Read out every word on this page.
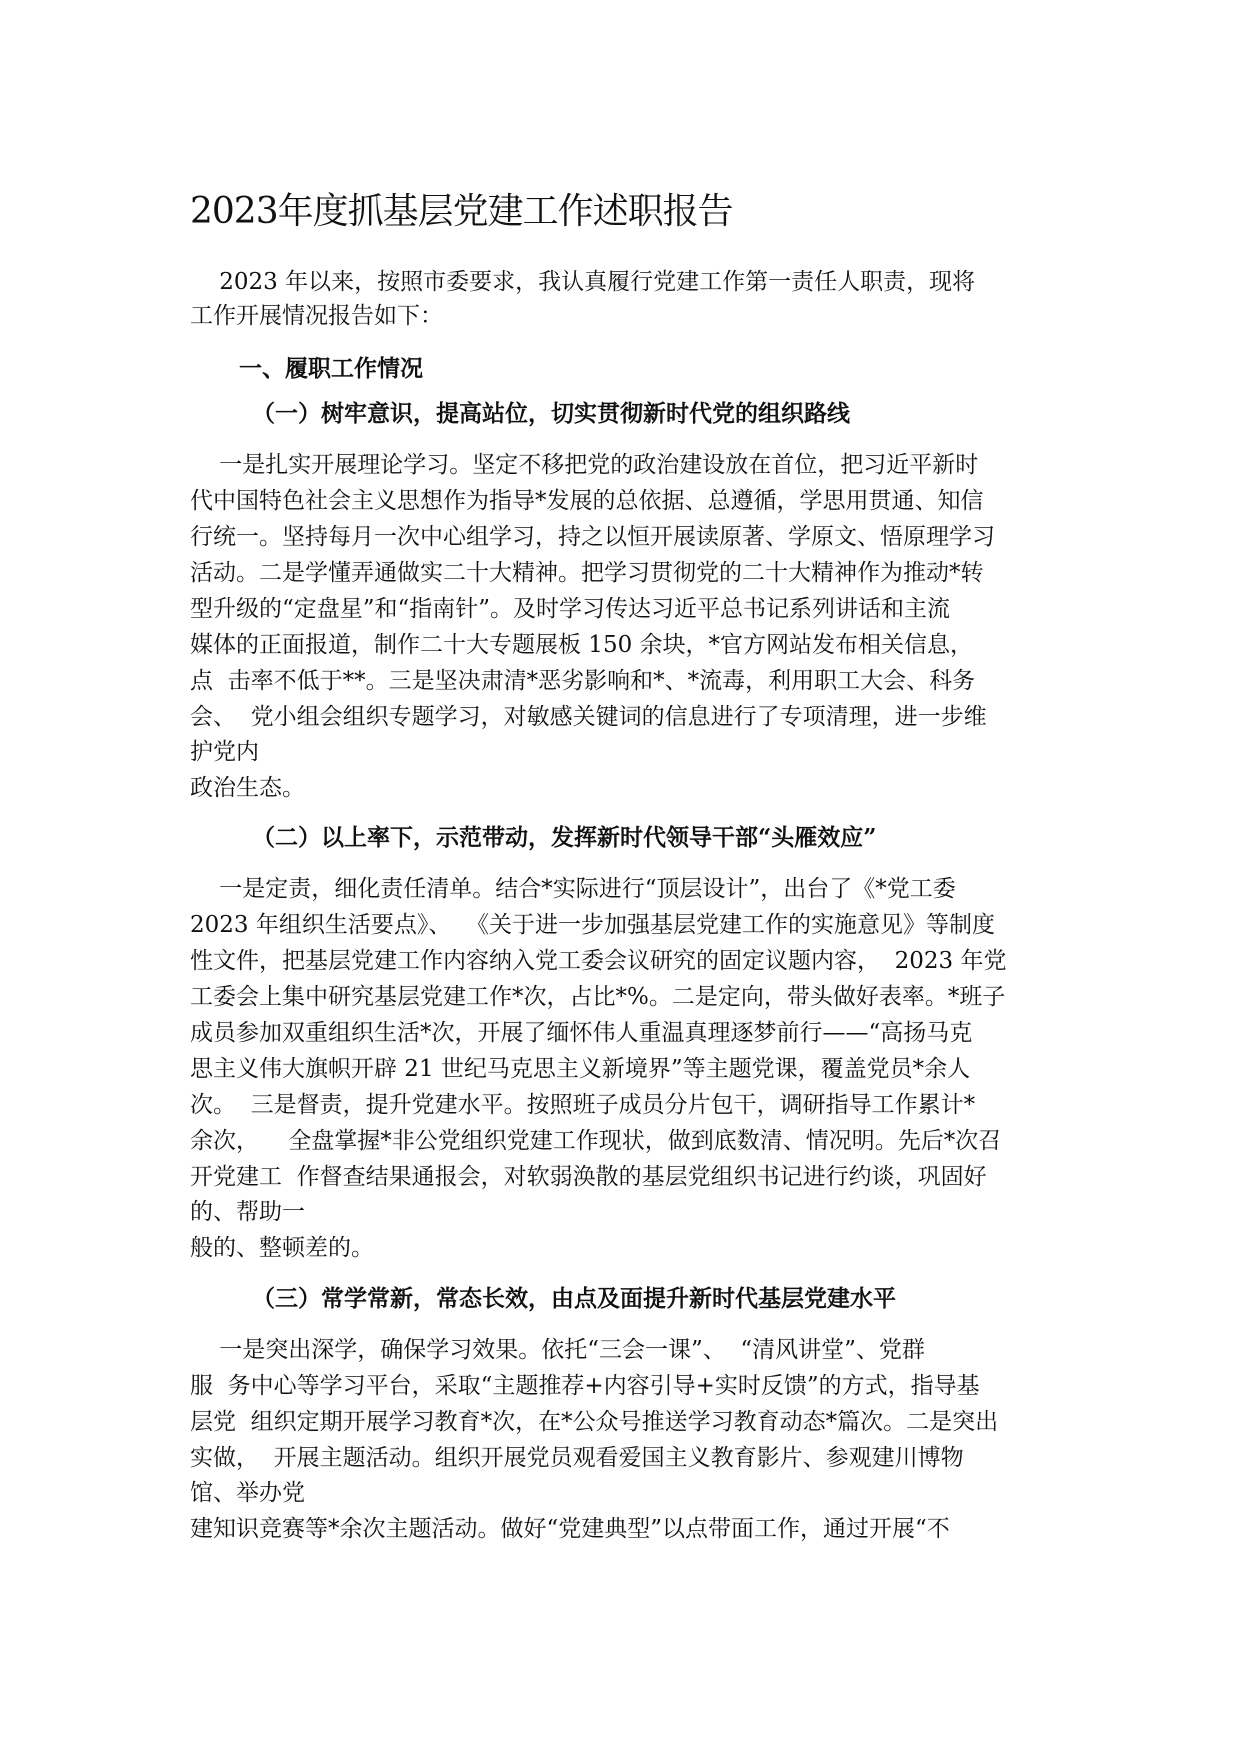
2023年度抓基层党建工作述职报告
2023 年以来，按照市委要求，我认真履行党建工作第一责任人职责，现将
工作开展情况报告如下：
一、履职工作情况
（一）树牢意识，提高站位，切实贯彻新时代党的组织路线
一是扎实开展理论学习。坚定不移把党的政治建设放在首位，把习近平新时
代中国特色社会主义思想作为指导*发展的总依据、总遵循，学思用贯通、知信
行统一。坚持每月一次中心组学习，持之以恒开展读原著、学原文、悟原理学习
活动。二是学懂弄通做实二十大精神。把学习贯彻党的二十大精神作为推动*转
型升级的“定盘星”和“指南针”。及时学习传达习近平总书记系列讲话和主流
媒体的正面报道，制作二十大专题展板 150 余块，*官方网站发布相关信息，
点  击率不低于**。三是坚决肃清*恶劣影响和*、*流毒，利用职工大会、科务
会、  党小组会组织专题学习，对敏感关键词的信息进行了专项清理，进一步维
护党内
政治生态。
（二）以上率下，示范带动，发挥新时代领导干部“头雁效应”
一是定责，细化责任清单。结合*实际进行“顶层设计”，出台了《*党工委
2023 年组织生活要点》、  《关于进一步加强基层党建工作的实施意见》等制度
性文件，把基层党建工作内容纳入党工委会议研究的固定议题内容，  2023 年党
工委会上集中研究基层党建工作*次，占比*%。二是定向，带头做好表率。*班子
成员参加双重组织生活*次，开展了缅怀伟人重温真理逐梦前行——“高扬马克
思主义伟大旗帜开辟 21 世纪马克思主义新境界”等主题党课，覆盖党员*余人
次。  三是督责，提升党建水平。按照班子成员分片包干，调研指导工作累计*
余次，    全盘掌握*非公党组织党建工作现状，做到底数清、情况明。先后*次召
开党建工  作督查结果通报会，对软弱涣散的基层党组织书记进行约谈，巩固好
的、帮助一
般的、整顿差的。
（三）常学常新，常态长效，由点及面提升新时代基层党建水平
一是突出深学，确保学习效果。依托“三会一课”、  “清风讲堂”、党群
服  务中心等学习平台，采取“主题推荐+内容引导+实时反馈”的方式，指导基
层党  组织定期开展学习教育*次，在*公众号推送学习教育动态*篇次。二是突出
实做，  开展主题活动。组织开展党员观看爱国主义教育影片、参观建川博物
馆、举办党
建知识竞赛等*余次主题活动。做好“党建典型”以点带面工作，通过开展“不
